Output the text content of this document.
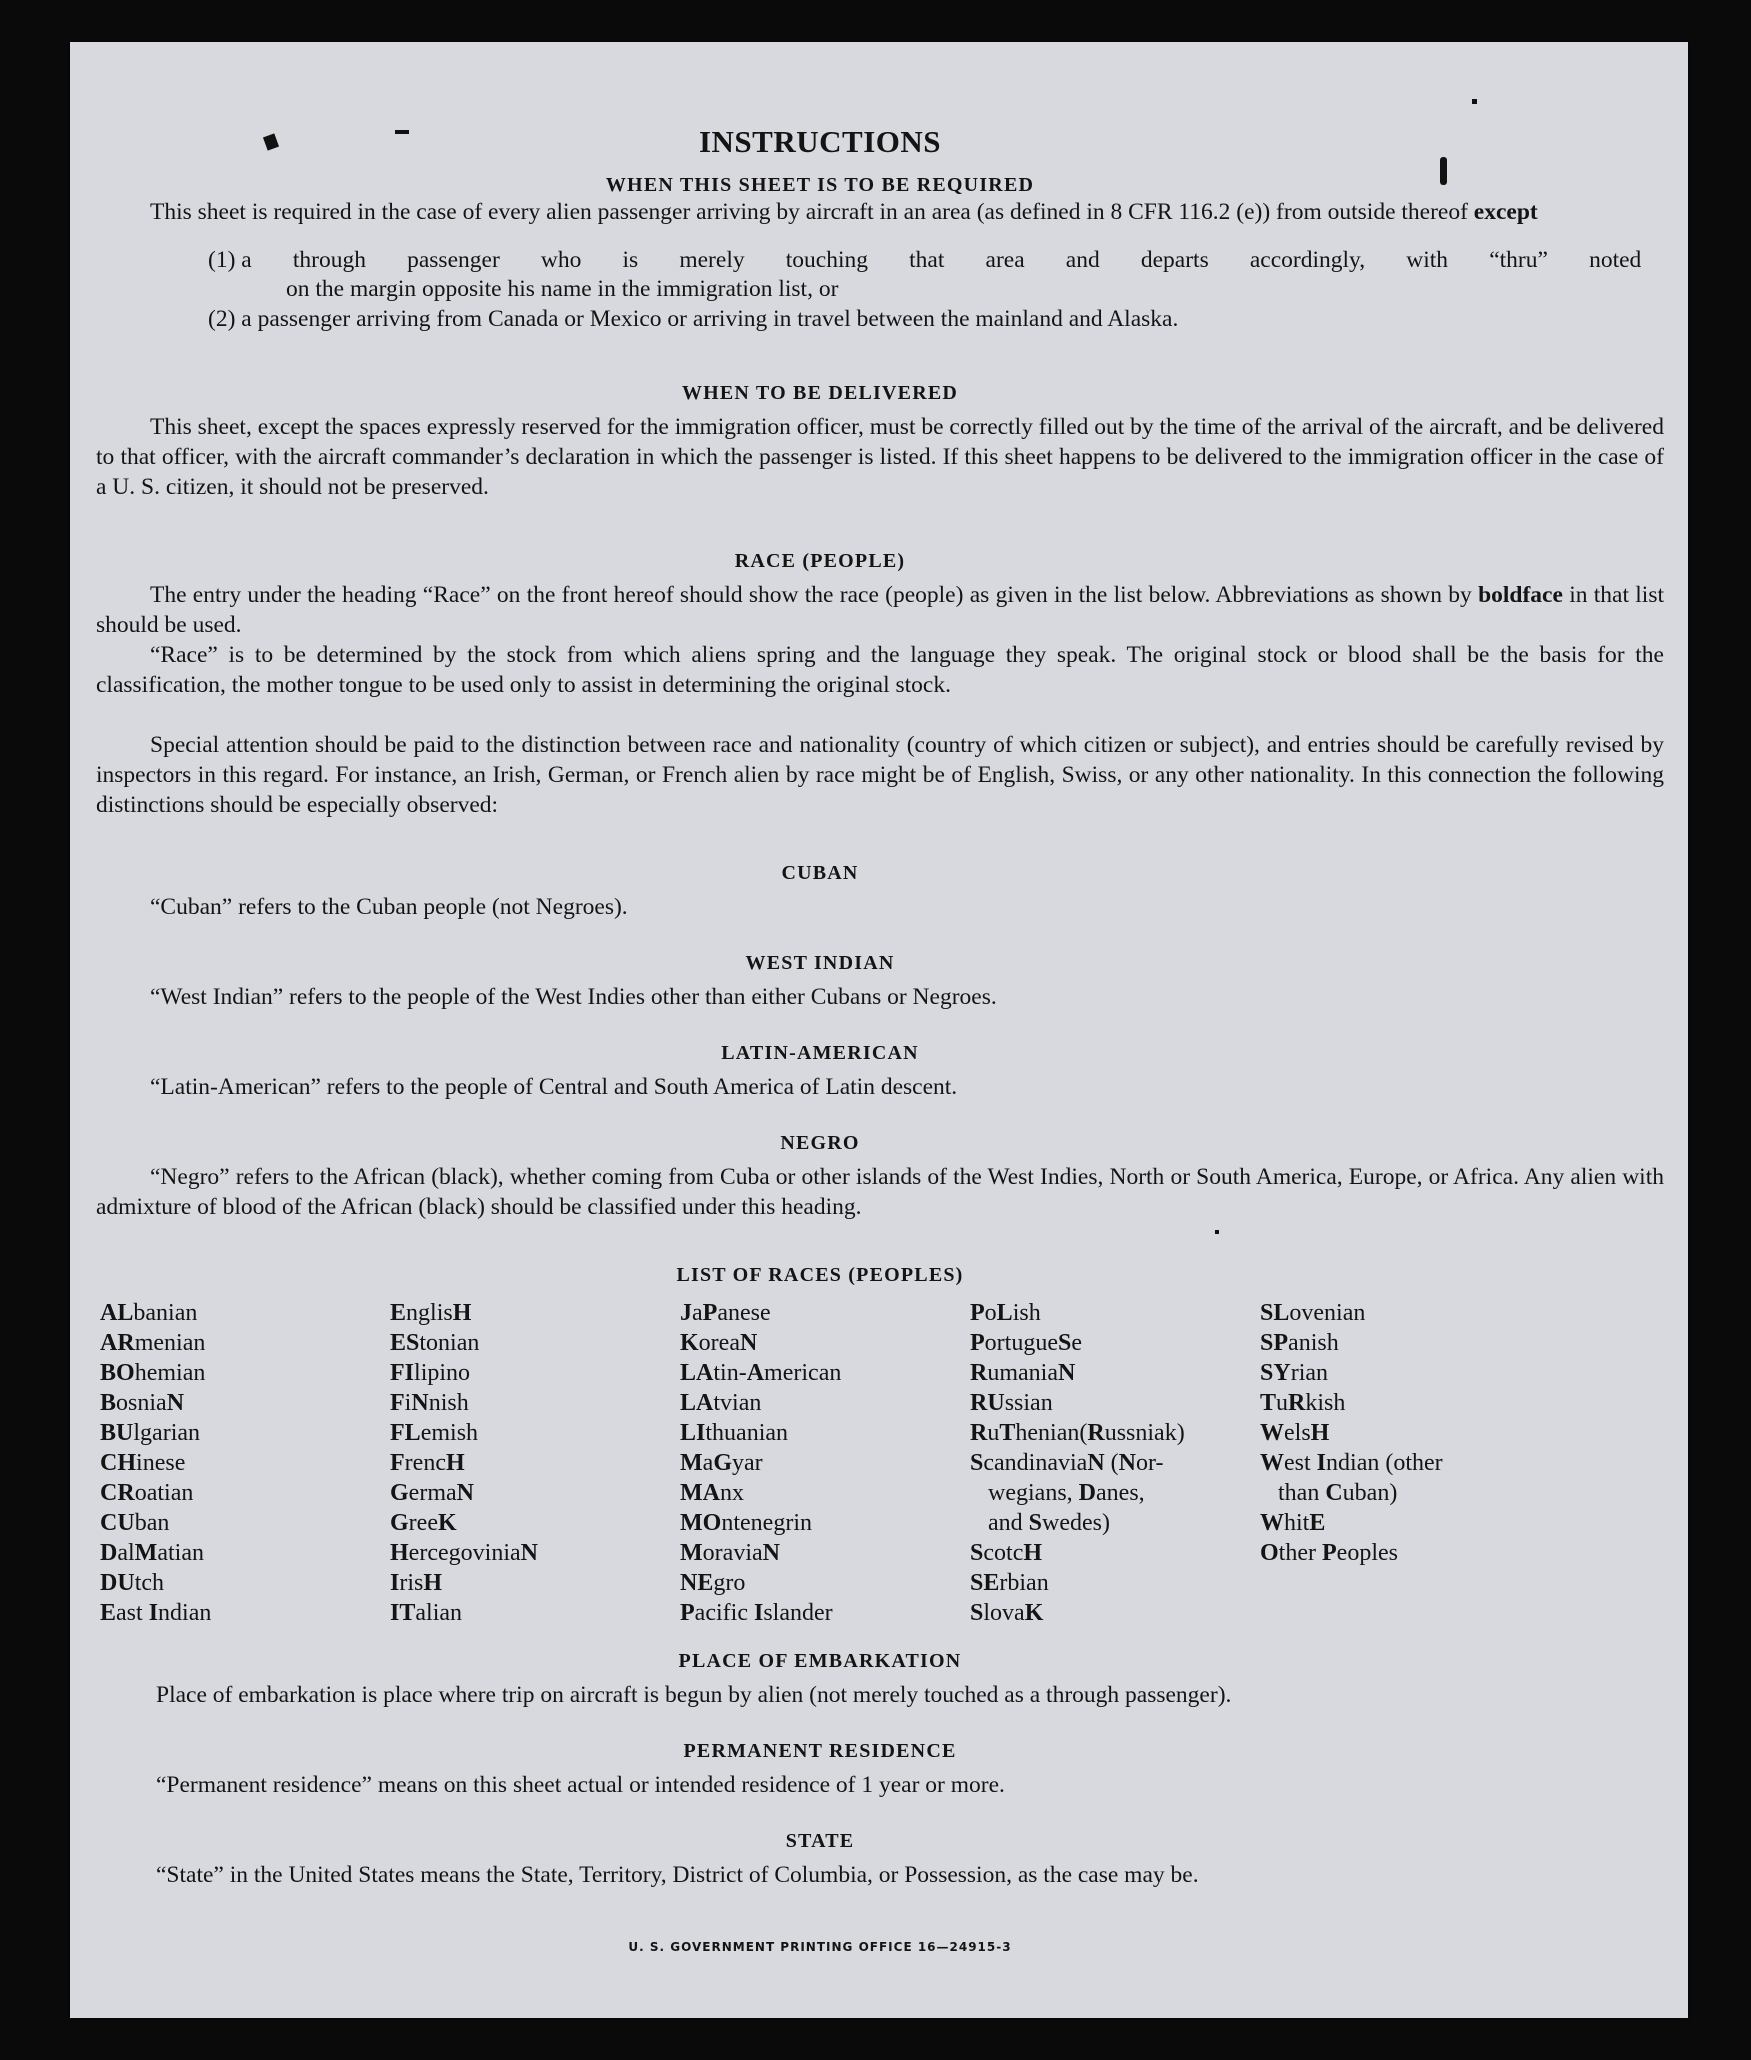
INSTRUCTIONS
WHEN THIS SHEET IS TO BE REQUIRED
This sheet is required in the case of every alien passenger arriving by aircraft in an area (as defined in 8 CFR 116.2 (e)) from outside thereof except
(1) a through passenger who is merely touching that area and departs accordingly, with “thru” noted
on the margin opposite his name in the immigration list, or
(2) a passenger arriving from Canada or Mexico or arriving in travel between the mainland and Alaska.
WHEN TO BE DELIVERED
This sheet, except the spaces expressly reserved for the immigration officer, must be correctly filled out by the time of the arrival of the aircraft, and be delivered to that officer, with the aircraft commander’s declaration in which the passenger is listed. If this sheet happens to be delivered to the immigration officer in the case of a U. S. citizen, it should not be preserved.
RACE (PEOPLE)
The entry under the heading “Race” on the front hereof should show the race (people) as given in the list below. Abbreviations as shown by boldface in that list should be used.
“Race” is to be determined by the stock from which aliens spring and the language they speak. The original stock or blood shall be the basis for the classification, the mother tongue to be used only to assist in determining the original stock.
Special attention should be paid to the distinction between race and nationality (country of which citizen or subject), and entries should be carefully revised by inspectors in this regard. For instance, an Irish, German, or French alien by race might be of English, Swiss, or any other nationality. In this connection the following distinctions should be especially observed:
CUBAN
“Cuban” refers to the Cuban people (not Negroes).
WEST INDIAN
“West Indian” refers to the people of the West Indies other than either Cubans or Negroes.
LATIN-AMERICAN
“Latin-American” refers to the people of Central and South America of Latin descent.
NEGRO
“Negro” refers to the African (black), whether coming from Cuba or other islands of the West Indies, North or South America, Europe, or Africa. Any alien with admixture of blood of the African (black) should be classified under this heading.
LIST OF RACES (PEOPLES)
ALbanian
ARmenian
BOhemian
BosniaN
BUlgarian
CHinese
CRoatian
CUban
DalMatian
DUtch
East Indian
EnglisH
EStonian
FIlipino
FiNnish
FLemish
FrencH
GermaN
GreeK
HercegoviniaN
IrisH
ITalian
JaPanese
KoreaN
LAtin-American
LAtvian
LIthuanian
MaGyar
MAnx
MOntenegrin
MoraviaN
NEgro
Pacific Islander
PoLish
PortugueSe
RumaniaN
RUssian
RuThenian(Russniak)
ScandinaviaN (Nor-
wegians, Danes,
and Swedes)
ScotcH
SErbian
SlovaK
SLovenian
SPanish
SYrian
TuRkish
WelsH
West Indian (other
than Cuban)
WhitE
Other Peoples
PLACE OF EMBARKATION
Place of embarkation is place where trip on aircraft is begun by alien (not merely touched as a through passenger).
PERMANENT RESIDENCE
“Permanent residence” means on this sheet actual or intended residence of 1 year or more.
STATE
“State” in the United States means the State, Territory, District of Columbia, or Possession, as the case may be.
U. S. GOVERNMENT PRINTING OFFICE 16—24915-3
